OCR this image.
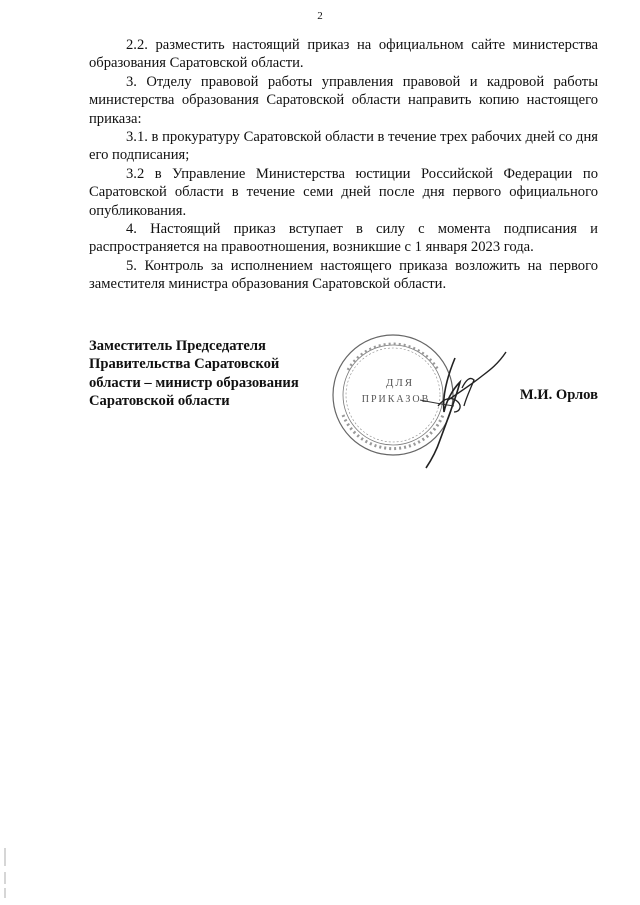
2

2.2. разместить настоящий приказ на официальном сайте министерства образования Саратовской области.

3. Отделу правовой работы управления правовой и кадровой работы министерства образования Саратовской области направить копию настоящего приказа:

3.1. в прокуратуру Саратовской области в течение трех рабочих дней со дня его подписания;

3.2 в Управление Министерства юстиции Российской Федерации по Саратовской области в течение семи дней после дня первого официального опубликования.

4. Настоящий приказ вступает в силу с момента подписания и распространяется на правоотношения, возникшие с 1 января 2023 года.

5. Контроль за исполнением настоящего приказа возложить на первого заместителя министра образования Саратовской области.

Заместитель Председателя
Правительства Саратовской
области – министр образования
Саратовской области
ДЛЯ
ПРИКАЗОВ	М.И. Орлов
